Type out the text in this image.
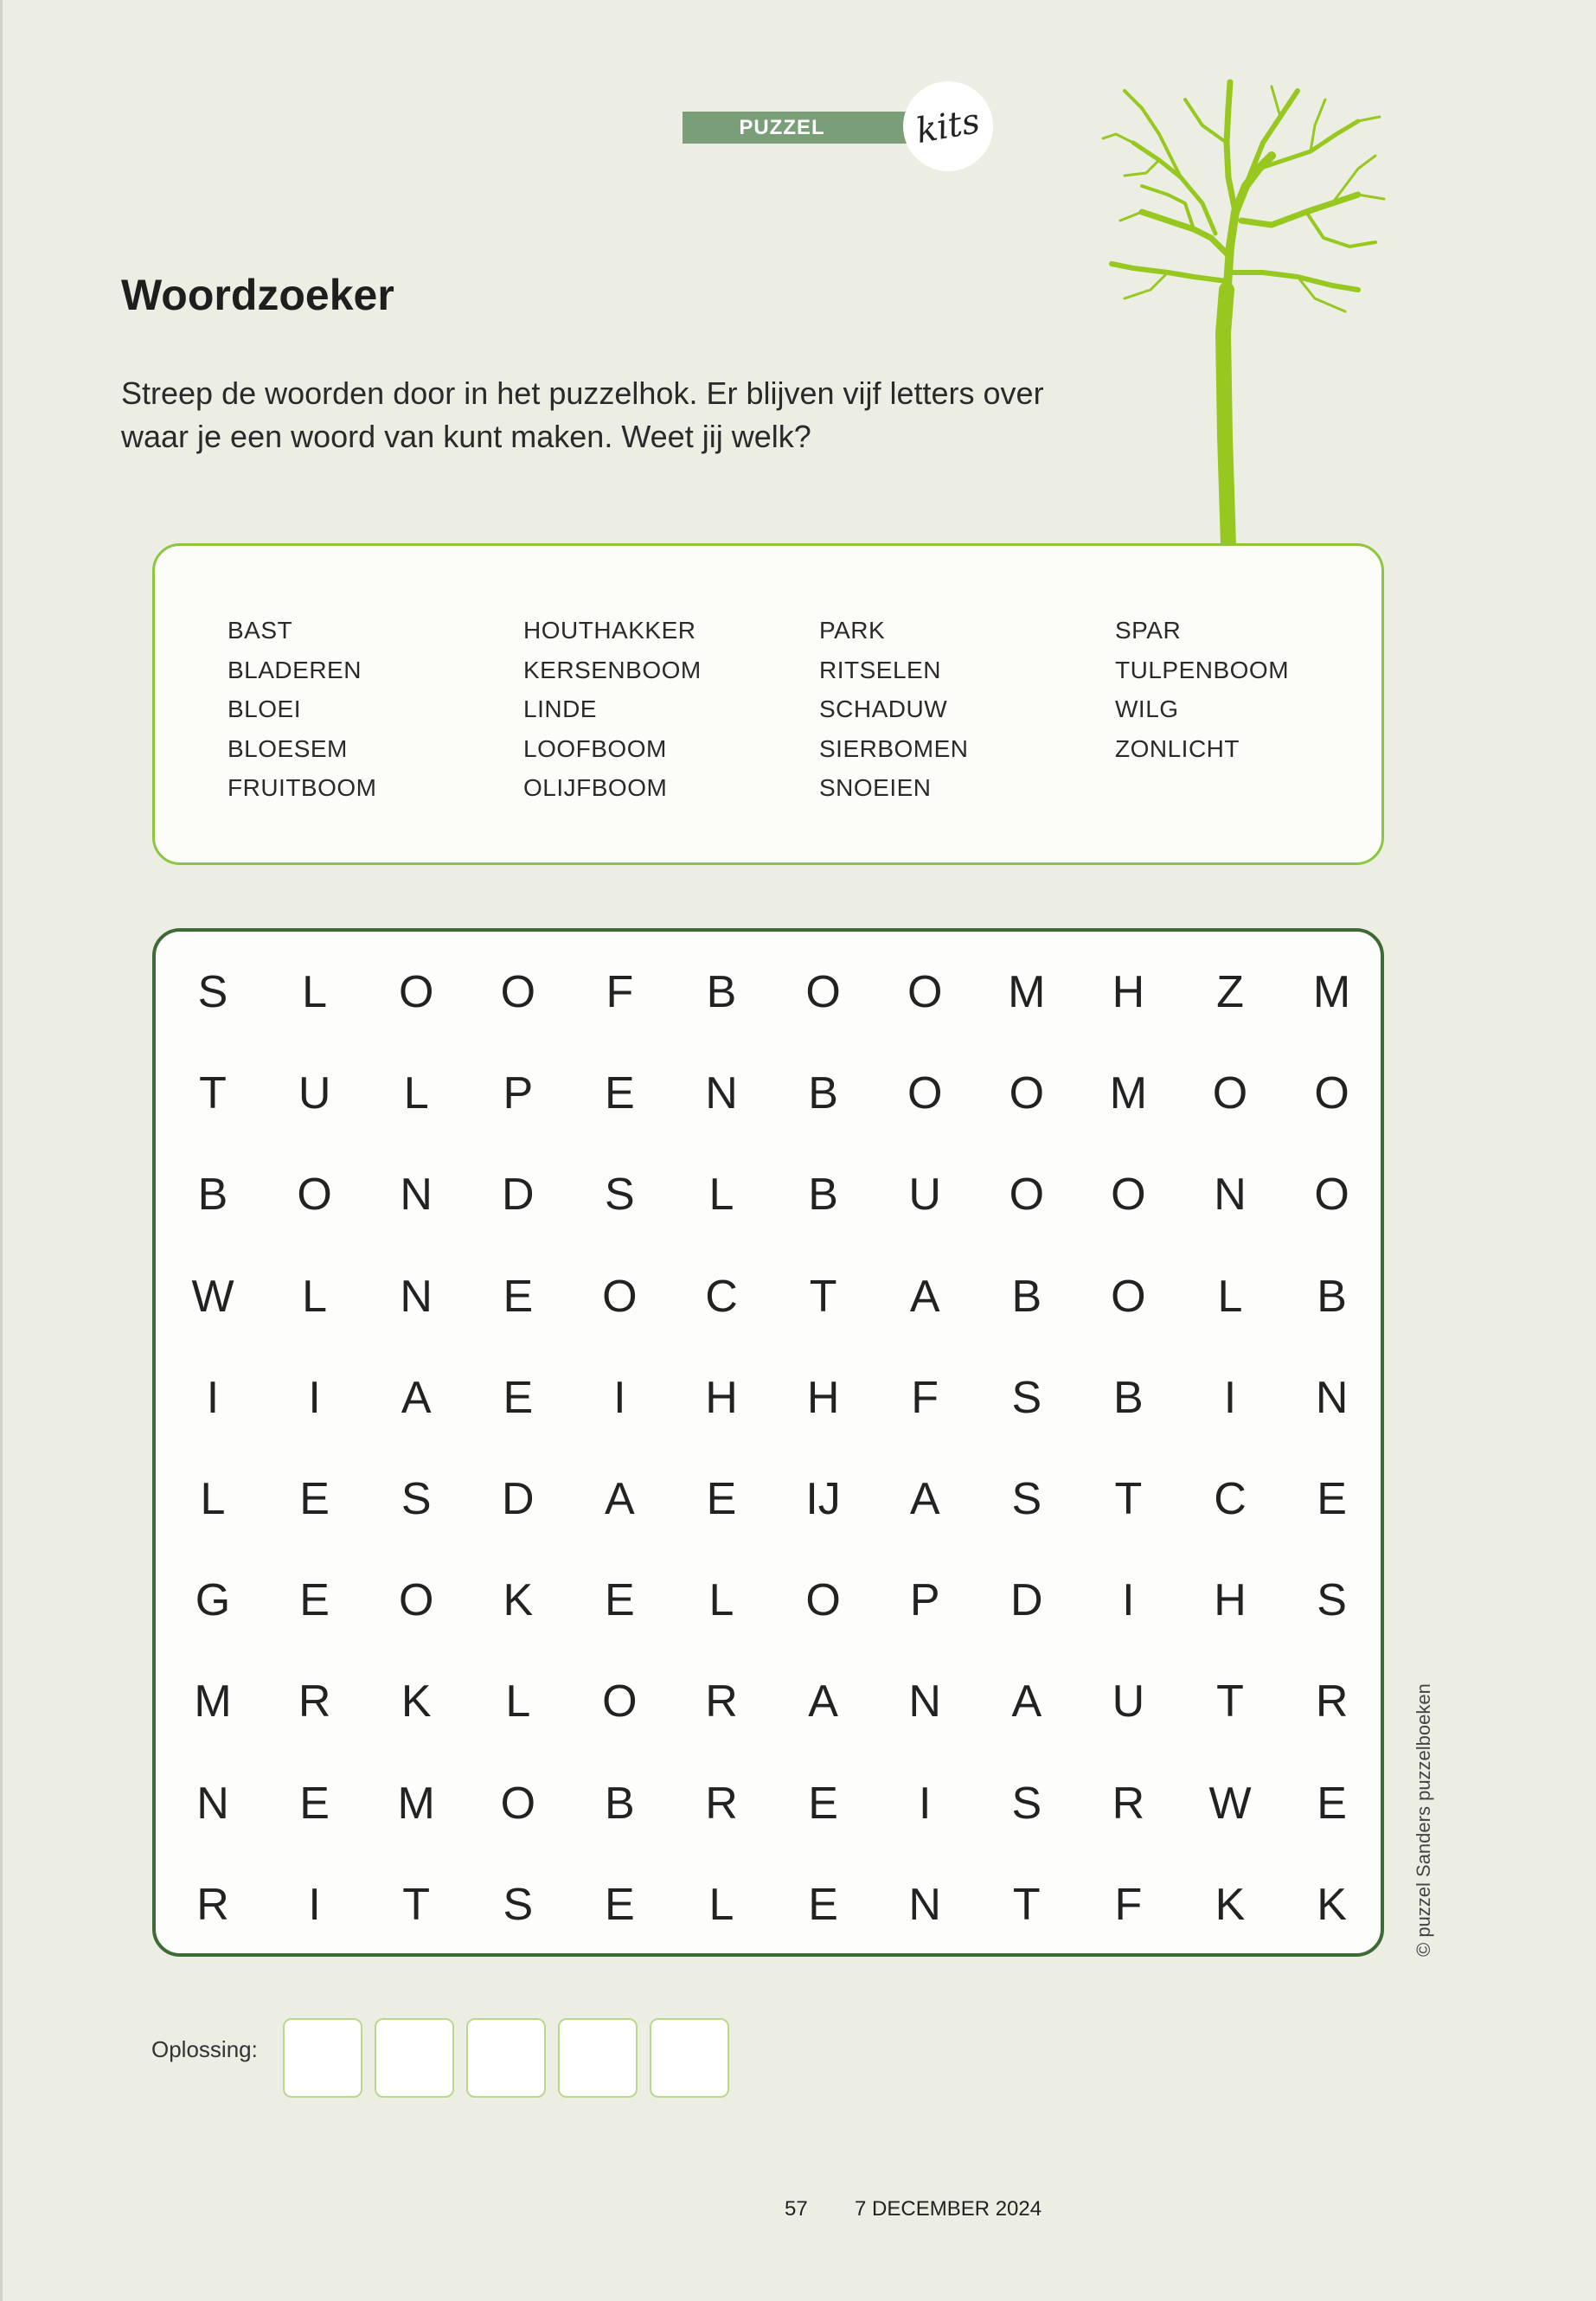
PUZZEL	kits
Woordzoeker
Streep de woorden door in het puzzelhok. Er blijven vijf letters over waar je een woord van kunt maken. Weet jij welk?
BAST
BLADEREN
BLOEI
BLOESEM
FRUITBOOM
HOUTHAKKER
KERSENBOOM
LINDE
LOOFBOOM
OLIJFBOOM
PARK
RITSELEN
SCHADUW
SIERBOMEN
SNOEIEN
SPAR
TULPENBOOM
WILG
ZONLICHT
S	L	O	O	F	B	O	O	M	H	Z	M
T	U	L	P	E	N	B	O	O	M	O	O
B	O	N	D	S	L	B	U	O	O	N	O
W	L	N	E	O	C	T	A	B	O	L	B
I	I	A	E	I	H	H	F	S	B	I	N
L	E	S	D	A	E	IJ	A	S	T	C	E
G	E	O	K	E	L	O	P	D	I	H	S
M	R	K	L	O	R	A	N	A	U	T	R
N	E	M	O	B	R	E	I	S	R	W	E
R	I	T	S	E	L	E	N	T	F	K	K	© puzzel Sanders puzzelboeken
Oplossing:
57 7 DECEMBER 2024
